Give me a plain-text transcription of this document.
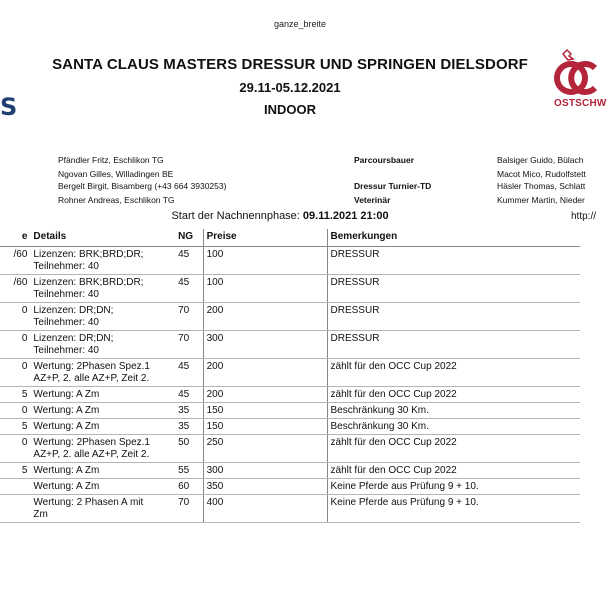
ganze_breite
S
SANTA CLAUS MASTERS DRESSUR UND SPRINGEN DIELSDORF
29.11-05.12.2021
INDOOR	OSTSCHW
Pfändler Fritz, Eschlikon TG
Ngovan Gilles, Willadingen BE
Bergelt Birgit, Bisamberg (+43 664 3930253)
Rohner Andreas, Eschlikon TG
Parcoursbauer
Dressur Turnier-TD
Veterinär
Balsiger Guido, Bülach
Macot Mico, Rudolfstett
Häsler Thomas, Schlatt
Kummer Martin, Nieder
Start der Nachnennphase: 09.11.2021 21:00	http://
e	Details	NG	Preise	Bemerkungen
/60	Lizenzen: BRK;BRD;DR;
Teilnehmer: 40	45	100	DRESSUR
/60	Lizenzen: BRK;BRD;DR;
Teilnehmer: 40	45	100	DRESSUR
0	Lizenzen: DR;DN;
Teilnehmer: 40	70	200	DRESSUR
0	Lizenzen: DR;DN;
Teilnehmer: 40	70	300	DRESSUR
0	Wertung: 2Phasen Spez.1
AZ+P, 2. alle AZ+P, Zeit 2.	45	200	zählt für den OCC Cup 2022
5	Wertung: A Zm	45	200	zählt für den OCC Cup 2022
0	Wertung: A Zm	35	150	Beschränkung 30 Km.
5	Wertung: A Zm	35	150	Beschränkung 30 Km.
0	Wertung: 2Phasen Spez.1
AZ+P, 2. alle AZ+P, Zeit 2.	50	250	zählt für den OCC Cup 2022
5	Wertung: A Zm	55	300	zählt für den OCC Cup 2022

	Wertung: A Zm	60	350	Keine Pferde aus Prüfung 9 + 10.

	Wertung: 2 Phasen A mit
Zm	70	400	Keine Pferde aus Prüfung 9 + 10.
